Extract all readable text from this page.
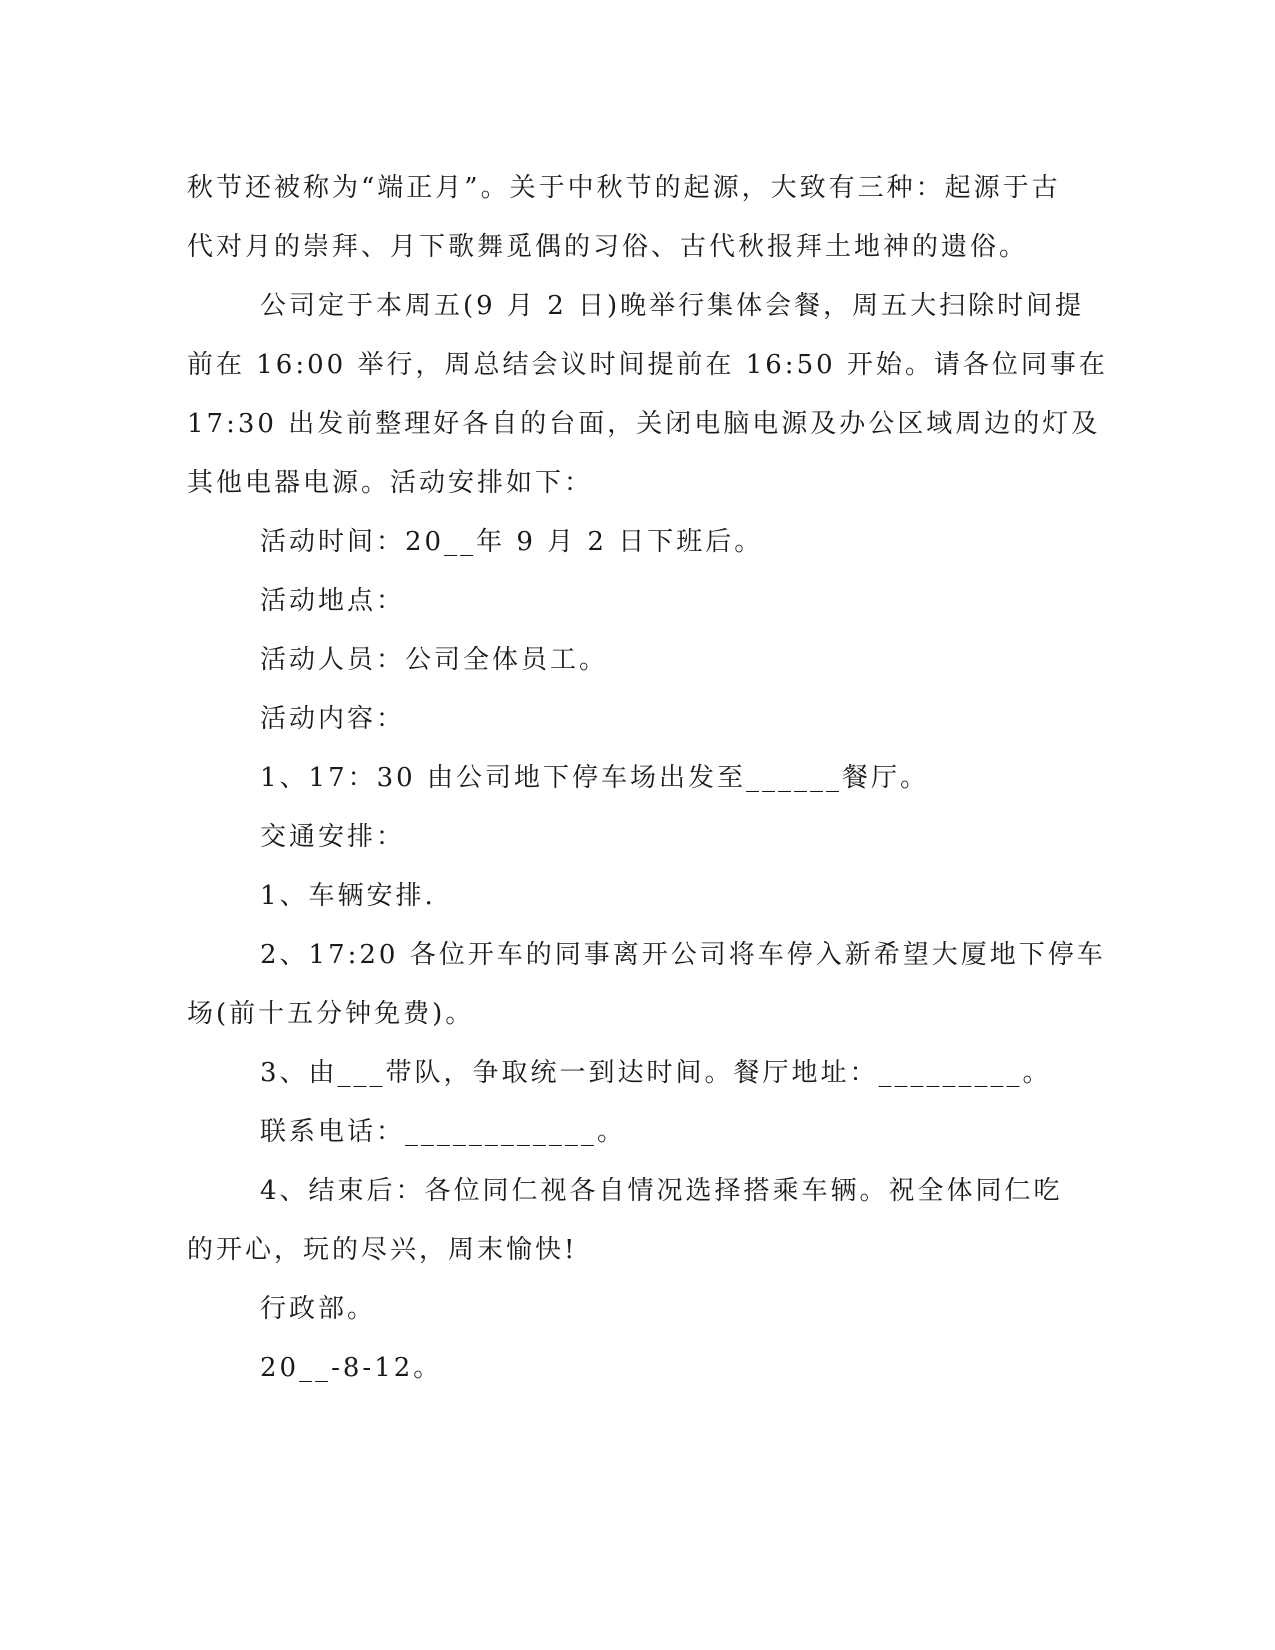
秋节还被称为“端正月”。关于中秋节的起源，大致有三种：起源于古
代对月的崇拜、月下歌舞觅偶的习俗、古代秋报拜土地神的遗俗。
公司定于本周五(9 月 2 日)晚举行集体会餐，周五大扫除时间提
前在 16:00 举行，周总结会议时间提前在 16:50 开始。请各位同事在
17:30 出发前整理好各自的台面，关闭电脑电源及办公区域周边的灯及
其他电器电源。活动安排如下：
活动时间：20__年 9 月 2 日下班后。
活动地点：
活动人员：公司全体员工。
活动内容：
1、17：30 由公司地下停车场出发至______餐厅。
交通安排：
1、车辆安排.
2、17:20 各位开车的同事离开公司将车停入新希望大厦地下停车
场(前十五分钟免费)。
3、由___带队，争取统一到达时间。餐厅地址：_________。
联系电话：____________。
4、结束后：各位同仁视各自情况选择搭乘车辆。祝全体同仁吃
的开心，玩的尽兴，周末愉快!
行政部。
20__-8-12。
